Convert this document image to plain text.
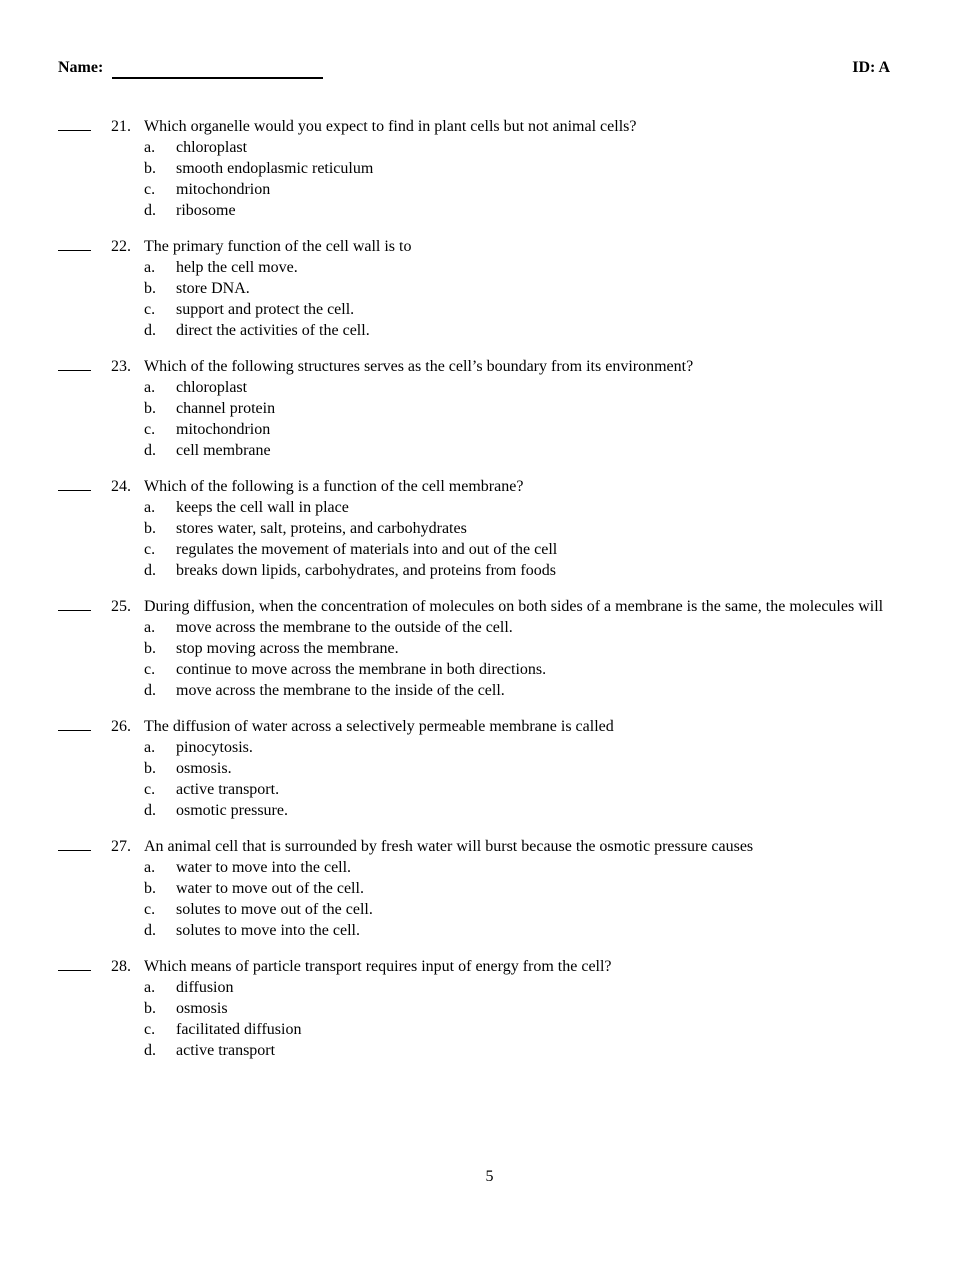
Name:	ID: A
21. Which organelle would you expect to find in plant cells but not animal cells?
a. chloroplast
b. smooth endoplasmic reticulum
c. mitochondrion
d. ribosome
22. The primary function of the cell wall is to
a. help the cell move.
b. store DNA.
c. support and protect the cell.
d. direct the activities of the cell.
23. Which of the following structures serves as the cell’s boundary from its environment?
a. chloroplast
b. channel protein
c. mitochondrion
d. cell membrane
24. Which of the following is a function of the cell membrane?
a. keeps the cell wall in place
b. stores water, salt, proteins, and carbohydrates
c. regulates the movement of materials into and out of the cell
d. breaks down lipids, carbohydrates, and proteins from foods
25. During diffusion, when the concentration of molecules on both sides of a membrane is the same, the molecules will
a. move across the membrane to the outside of the cell.
b. stop moving across the membrane.
c. continue to move across the membrane in both directions.
d. move across the membrane to the inside of the cell.
26. The diffusion of water across a selectively permeable membrane is called
a. pinocytosis.
b. osmosis.
c. active transport.
d. osmotic pressure.
27. An animal cell that is surrounded by fresh water will burst because the osmotic pressure causes
a. water to move into the cell.
b. water to move out of the cell.
c. solutes to move out of the cell.
d. solutes to move into the cell.
28. Which means of particle transport requires input of energy from the cell?
a. diffusion
b. osmosis
c. facilitated diffusion
d. active transport
5
